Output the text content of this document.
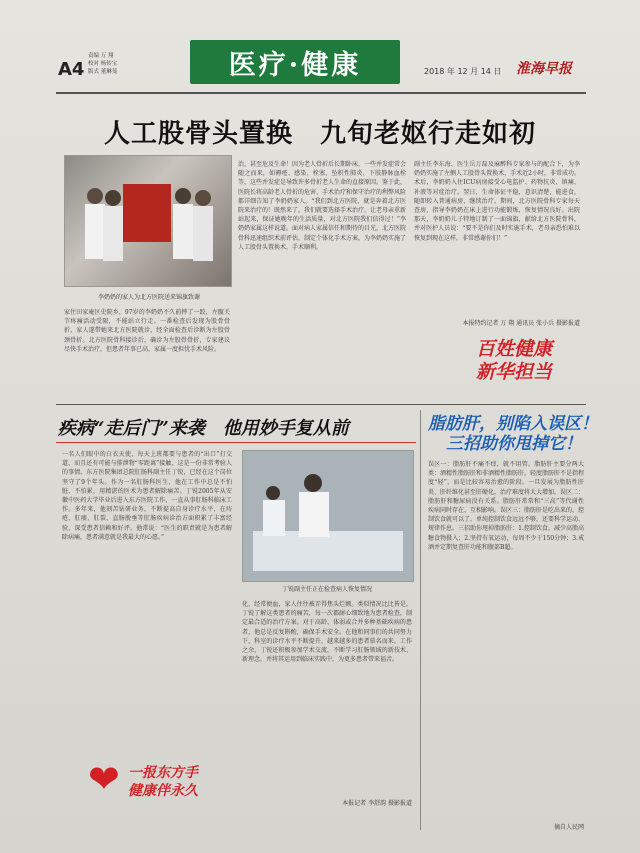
A4
责编 万 翔
校对 杨传宝
版式 董琳斐	医疗·健康	2018 年 12 月 14 日 淮海早报
人工股骨头置换　九旬老妪行走如初
李奶奶的家人为北方医院送来锦旗致谢
家住田家庵区史院乡，97岁的李奶奶不久前摔了一跤，左髋关节疼痛活动受限，不能站立行走。一番检查后发现为股骨骨折，家人遂带她来北方医院就诊，经全面检查后诊断为左股骨颈骨折。北方医院骨科接诊后，确诊为左股骨骨折，专家建议尽快手术治疗，但患者年事已高，家属一度担忧手术风险。
治，甚至危及生命！因为老人骨折后长期卧床，一些并发症常会随之而来，如褥疮、感染、栓塞、坠积性肺炎、下肢静脉血栓等，这些并发症是导致许多骨折老人生命的直接原因。鉴于此，医院长将高龄老人骨折的危害、手术治疗和保守治疗的利弊风险都详细告知了李奶奶家人。“我们到北方医院，就是奔着北方医院来治疗的！既然来了，我们就要选择手术治疗，让老母亲重新站起来，保证她晚年的生活质量，对北方医院我们信得过！”李奶奶家属这样说道。面对病人家属信任和期待的目光，北方医院骨科迅速组织术前评估，制定个体化手术方案，为李奶奶实施了人工股骨头置换术，手术顺利。
副主任李东海、医生岳万磊及麻醉科专家参与的配合下，为李奶奶实施了左侧人工股骨头置换术，手术近2小时，非常成功。术后，李奶奶入住ICU病房接受心电监护、药物抗炎、镇痛、补液等对症治疗。翌日，生命体征平稳，意识清楚，能进食，随即转入普通病房，继续治疗。期间，北方医院骨科专家每天查房，指导李奶奶在床上进行功能锻炼，恢复情况良好。出院那天，李奶奶儿子特地订制了一面锦旗，献给北方医院骨科，并对医护人员说：“要不是你们及时实施手术，老母亲恐怕难以恢复到现在这样，非常感谢你们！”
本报特约记者 万 翔 通讯员 张小兵 摄影报道
百姓健康
新华担当
疾病“走后门”来袭　他用妙手复从前
一名人们眼中的白衣天使，每天上班都要与患者的“出口”打交道，而且还有可能与排泄物“零距离”接触，这是一份非常考验人的事情。东方医院集团总院肛肠科副主任丁锐，已经在这个岗位坚守了9个年头。作为一名肛肠科医生，他在工作中总是不怕脏、不怕累，用精湛的医术为患者解除痛苦。丁锐2005年从安徽中医药大学毕业后进入东方医院工作，一直从事肛肠科临床工作。多年来，他刻苦钻研业务，不断提高自身诊疗水平，在痔疮、肛瘘、肛裂、直肠脱垂等肛肠疾病诊治方面积累了丰富经验，深受患者信赖和好评。他常说：“医生的职责就是为患者解除病痛，患者满意就是我最大的心愿。”
丁锐副主任正在检查病人恢复情况
化，经常便血，家人住往被弄得焦头烂额。类似情况比比皆是。丁锐了解这类患者的痛苦，每一次都耐心细致地为患者检查，制定最合适的治疗方案。对于高龄、体弱或合并多种基础疾病的患者，他总是反复斟酌，确保手术安全。在他和同事们的共同努力下，科室的诊疗水平不断提升，越来越多的患者慕名而来。工作之余，丁锐还积极参加学术交流，不断学习肛肠领域的新技术、新理念，并将其运用到临床实践中，为更多患者带来福音。
❤ 一报东方手
健康伴永久
本报记者 李舒韵 摄影报道
脂肪肝，别陷入误区！
三招助你甩掉它！
误区一：脂肪肝不痛不痒，就不用管。脂肪肝主要分两大类：酒精性脂肪肝和非酒精性脂肪肝。轻度脂肪肝不是指程度“轻”，而是比较容易治愈的阶段。一旦发展为脂肪性肝炎、肝纤维化甚至肝硬化，治疗难度将大大增加。误区二：脂肪肝和糖尿病没有关系。脂肪肝常常和“三高”等代谢性疾病同时存在，互相影响。误区三：脂肪肝是吃出来的，控制饮食就可以了。单纯控制饮食远远不够，还要科学运动、规律作息。三招助你甩掉脂肪肝：1.控制饮食，减少高脂高糖食物摄入；2.坚持有氧运动，每周不少于150分钟；3.戒酒并定期复查肝功能和腹部B超。
摘自人民网
